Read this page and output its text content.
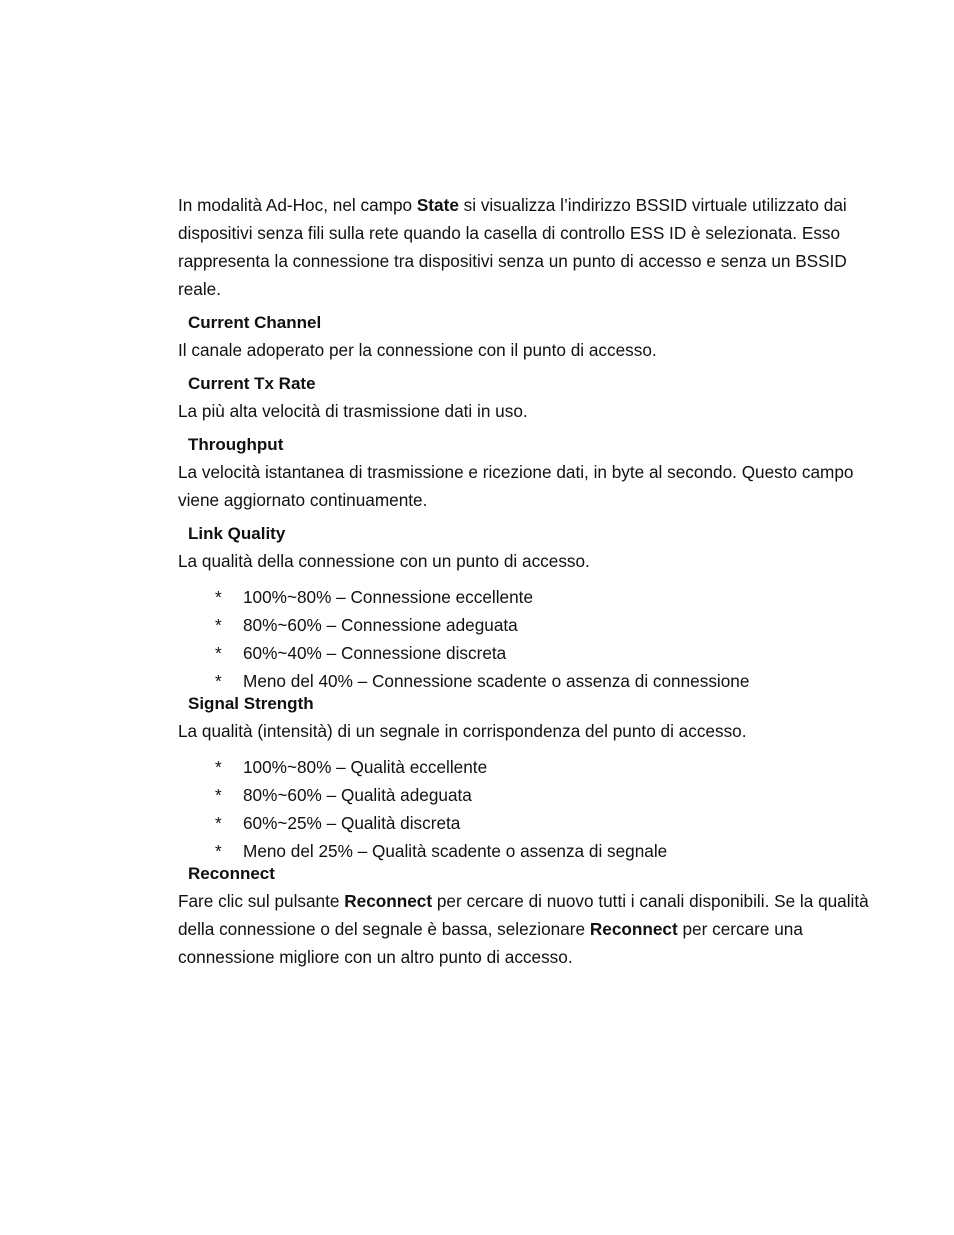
In modalità Ad-Hoc, nel campo State si visualizza l’indirizzo BSSID virtuale utilizzato dai dispositivi senza fili sulla rete quando la casella di controllo ESS ID è selezionata. Esso rappresenta la connessione tra dispositivi senza un punto di accesso e senza un BSSID reale.

Current Channel

Il canale adoperato per la connessione con il punto di accesso.

Current Tx Rate

La più alta velocità di trasmissione dati in uso.

Throughput

La velocità istantanea di trasmissione e ricezione dati, in byte al secondo. Questo campo viene aggiornato continuamente.

Link Quality

La qualità della connessione con un punto di accesso.

* 100%~80% – Connessione eccellente
* 80%~60% – Connessione adeguata
* 60%~40% – Connessione discreta
* Meno del 40% – Connessione scadente o assenza di connessione

Signal Strength

La qualità (intensità) di un segnale in corrispondenza del punto di accesso.

* 100%~80% – Qualità eccellente
* 80%~60% – Qualità adeguata
* 60%~25% – Qualità discreta
* Meno del 25% – Qualità scadente o assenza di segnale

Reconnect

Fare clic sul pulsante Reconnect per cercare di nuovo tutti i canali disponibili. Se la qualità della connessione o del segnale è bassa, selezionare Reconnect per cercare una connessione migliore con un altro punto di accesso.
